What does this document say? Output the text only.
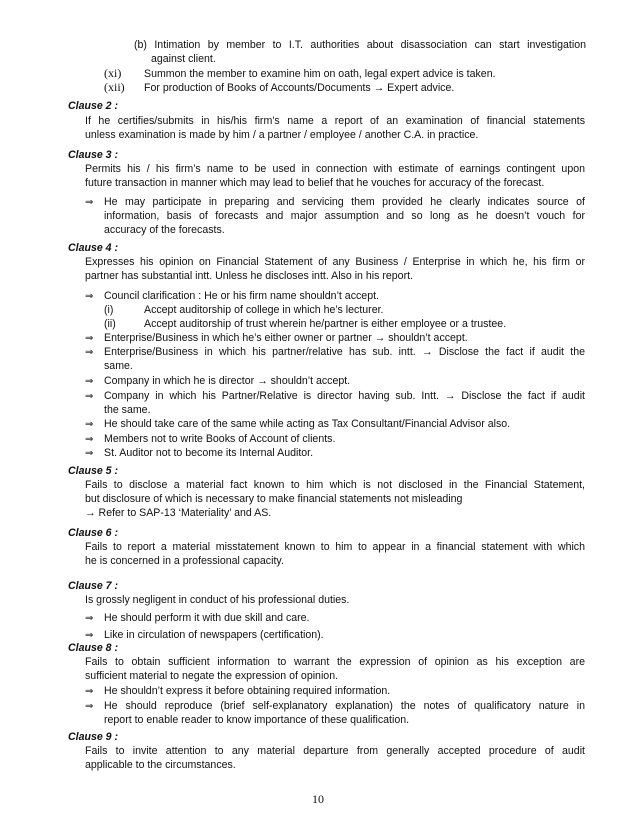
(b) Intimation by member to I.T. authorities about disassociation can start investigation
against client.
(xi) Summon the member to examine him on oath, legal expert advice is taken.
(xii) For production of Books of Accounts/Documents → Expert advice.
Clause 2 :
If he certifies/submits in his/his firm’s name a report of an examination of financial statements
unless examination is made by him / a partner / employee / another C.A. in practice.
Clause 3 :
Permits his / his firm’s name to be used in connection with estimate of earnings contingent upon
future transaction in manner which may lead to belief that he vouches for accuracy of the forecast.
⇒ He may participate in preparing and servicing them provided he clearly indicates source of
information, basis of forecasts and major assumption and so long as he doesn’t vouch for
accuracy of the forecasts.
Clause 4 :
Expresses his opinion on Financial Statement of any Business / Enterprise in which he, his firm or
partner has substantial intt. Unless he discloses intt. Also in his report.
⇒ Council clarification : He or his firm name shouldn’t accept.
(i)	Accept auditorship of college in which he’s lecturer.
(ii)	Accept auditorship of trust wherein he/partner is either employee or a trustee.
⇒ Enterprise/Business in which he’s either owner or partner → shouldn’t accept.
⇒ Enterprise/Business in which his partner/relative has sub. intt. → Disclose the fact if audit the
same.
⇒ Company in which he is director → shouldn’t accept.
⇒ Company in which his Partner/Relative is director having sub. Intt. → Disclose the fact if audit
the same.
⇒ He should take care of the same while acting as Tax Consultant/Financial Advisor also.
⇒ Members not to write Books of Account of clients.
⇒ St. Auditor not to become its Internal Auditor.
Clause 5 :
Fails to disclose a material fact known to him which is not disclosed in the Financial Statement,
but disclosure of which is necessary to make financial statements not misleading
→ Refer to SAP-13 ‘Materiality’ and AS.
Clause 6 :
Fails to report a material misstatement known to him to appear in a financial statement with which
he is concerned in a professional capacity.
Clause 7 :
Is grossly negligent in conduct of his professional duties.
⇒ He should perform it with due skill and care.
⇒ Like in circulation of newspapers (certification).
Clause 8 :
Fails to obtain sufficient information to warrant the expression of opinion as his exception are
sufficient material to negate the expression of opinion.
⇒ He shouldn’t express it before obtaining required information.
⇒ He should reproduce (brief self-explanatory explanation) the notes of qualificatory nature in
report to enable reader to know importance of these qualification.
Clause 9 :
Fails to invite attention to any material departure from generally accepted procedure of audit
applicable to the circumstances.
10
